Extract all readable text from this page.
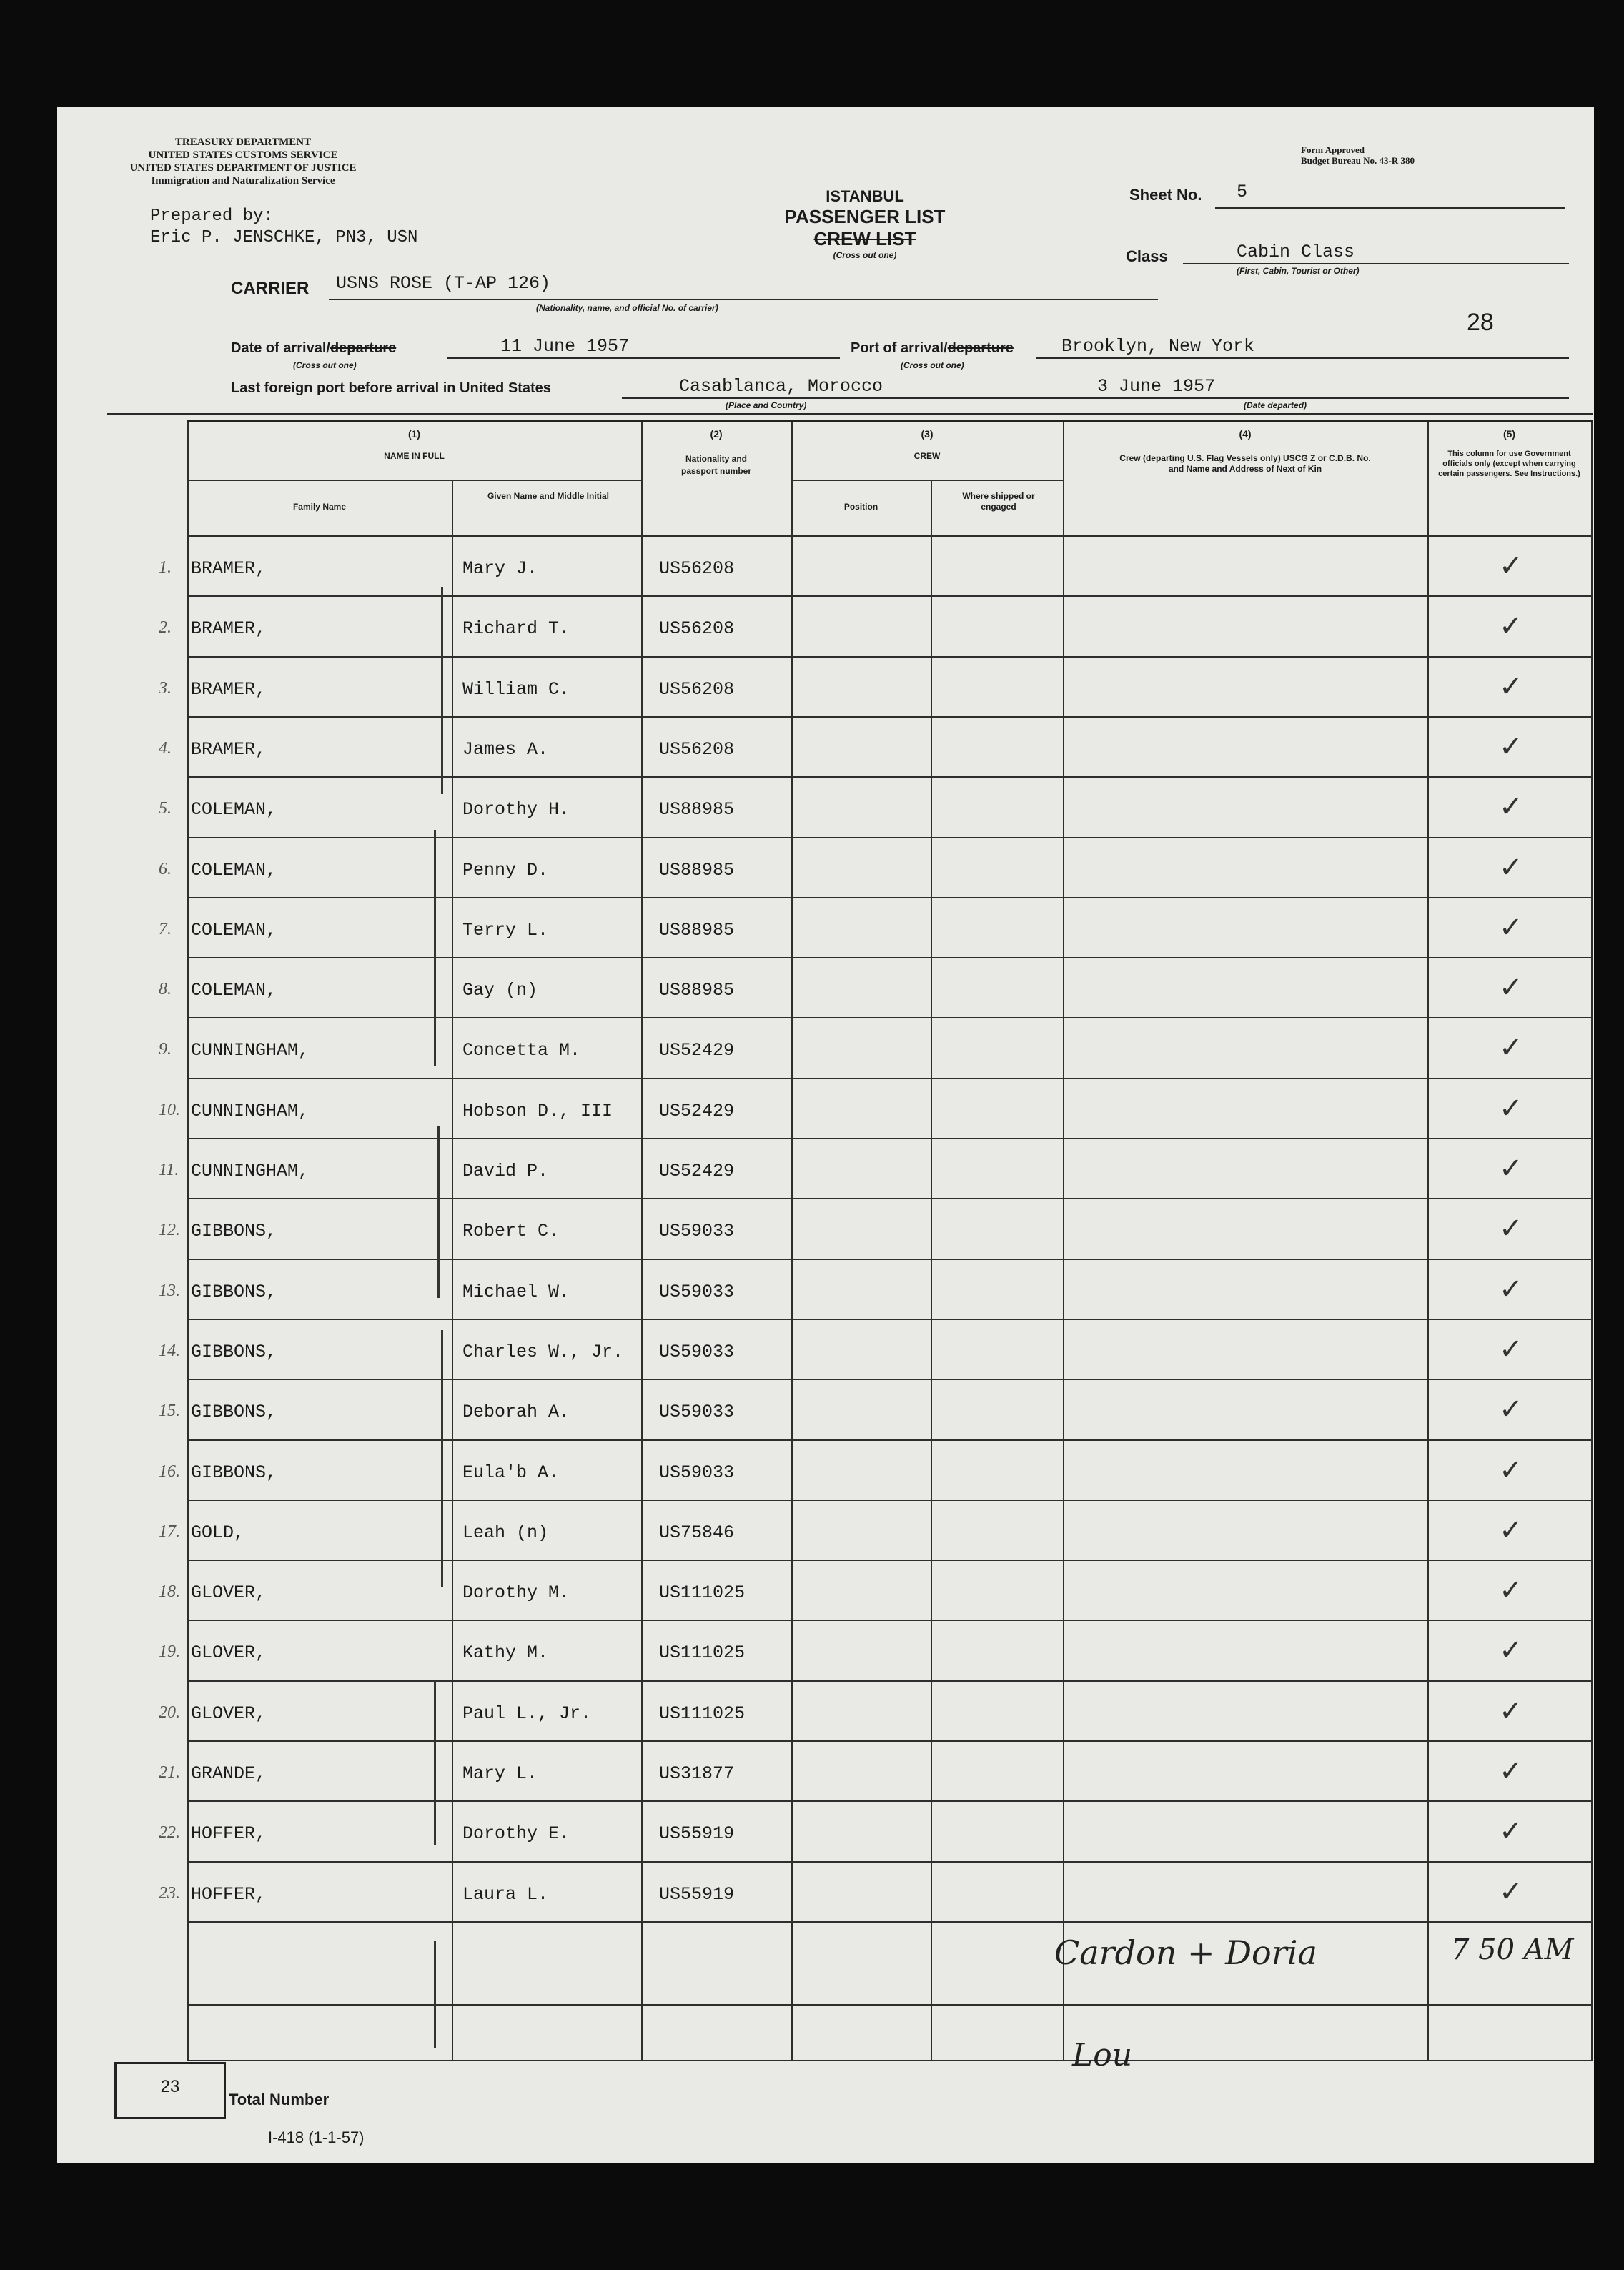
TREASURY DEPARTMENT
UNITED STATES CUSTOMS SERVICE
UNITED STATES DEPARTMENT OF JUSTICE
Immigration and Naturalization Service
Form Approved
Budget Bureau No. 43-R 380
Prepared by:
Eric P. JENSCHKE, PN3, USN
ISTANBUL
PASSENGER LIST
CREW LIST
(Cross out one)
Sheet No. 5
Class	Cabin Class
(First, Cabin, Tourist or Other)
28
CARRIER USNS ROSE (T-AP 126)
(Nationality, name, and official No. of carrier)
Date of arrival/departure	11 June 1957
(Cross out one)
Port of arrival/departure	Brooklyn, New York
(Cross out one)
Last foreign port before arrival in United States	Casablanca, Morocco
(Place and Country)
3 June 1957
(Date departed)
(1)
NAME IN FULL
Family Name
Given Name and Middle Initial
(2)
Nationality and passport number
(3)
CREW
Position
Where shipped or engaged
(4)
Crew (departing U.S. Flag Vessels only) USCG Z or C.D.B. No. and Name and Address of Next of Kin
(5)
This column for use Government officials only (except when carrying certain passengers. See Instructions.)
1. BRAMER,	Mary J.	US56208	✓
2. BRAMER,	Richard T.	US56208	✓
3. BRAMER,	William C.	US56208	✓
4. BRAMER,	James A.	US56208	✓
5. COLEMAN,	Dorothy H.	US88985	✓
6. COLEMAN,	Penny D.	US88985	✓
7. COLEMAN,	Terry L.	US88985	✓
8. COLEMAN,	Gay (n)	US88985	✓
9. CUNNINGHAM,	Concetta M.	US52429	✓
10. CUNNINGHAM,	Hobson D., III	US52429	✓
11. CUNNINGHAM,	David P.	US52429	✓
12. GIBBONS,	Robert C.	US59033	✓
13. GIBBONS,	Michael W.	US59033	✓
14. GIBBONS,	Charles W., Jr. US59033	✓
15. GIBBONS,	Deborah A.	US59033	✓
16. GIBBONS,	Eula'b A.	US59033	✓
17. GOLD,	Leah (n)	US75846	✓
18. GLOVER,	Dorothy M.	US111025	✓
19. GLOVER,	Kathy M.	US111025	✓
20. GLOVER,	Paul L., Jr.	US111025	✓
21. GRANDE,	Mary L.	US31877	✓
22. HOFFER,	Dorothy E.	US55919	✓
23. HOFFER,	Laura L.	US55919	✓
Cardon + Doria	7 50 AM
Lou
23
Total Number
I-418 (1-1-57)
